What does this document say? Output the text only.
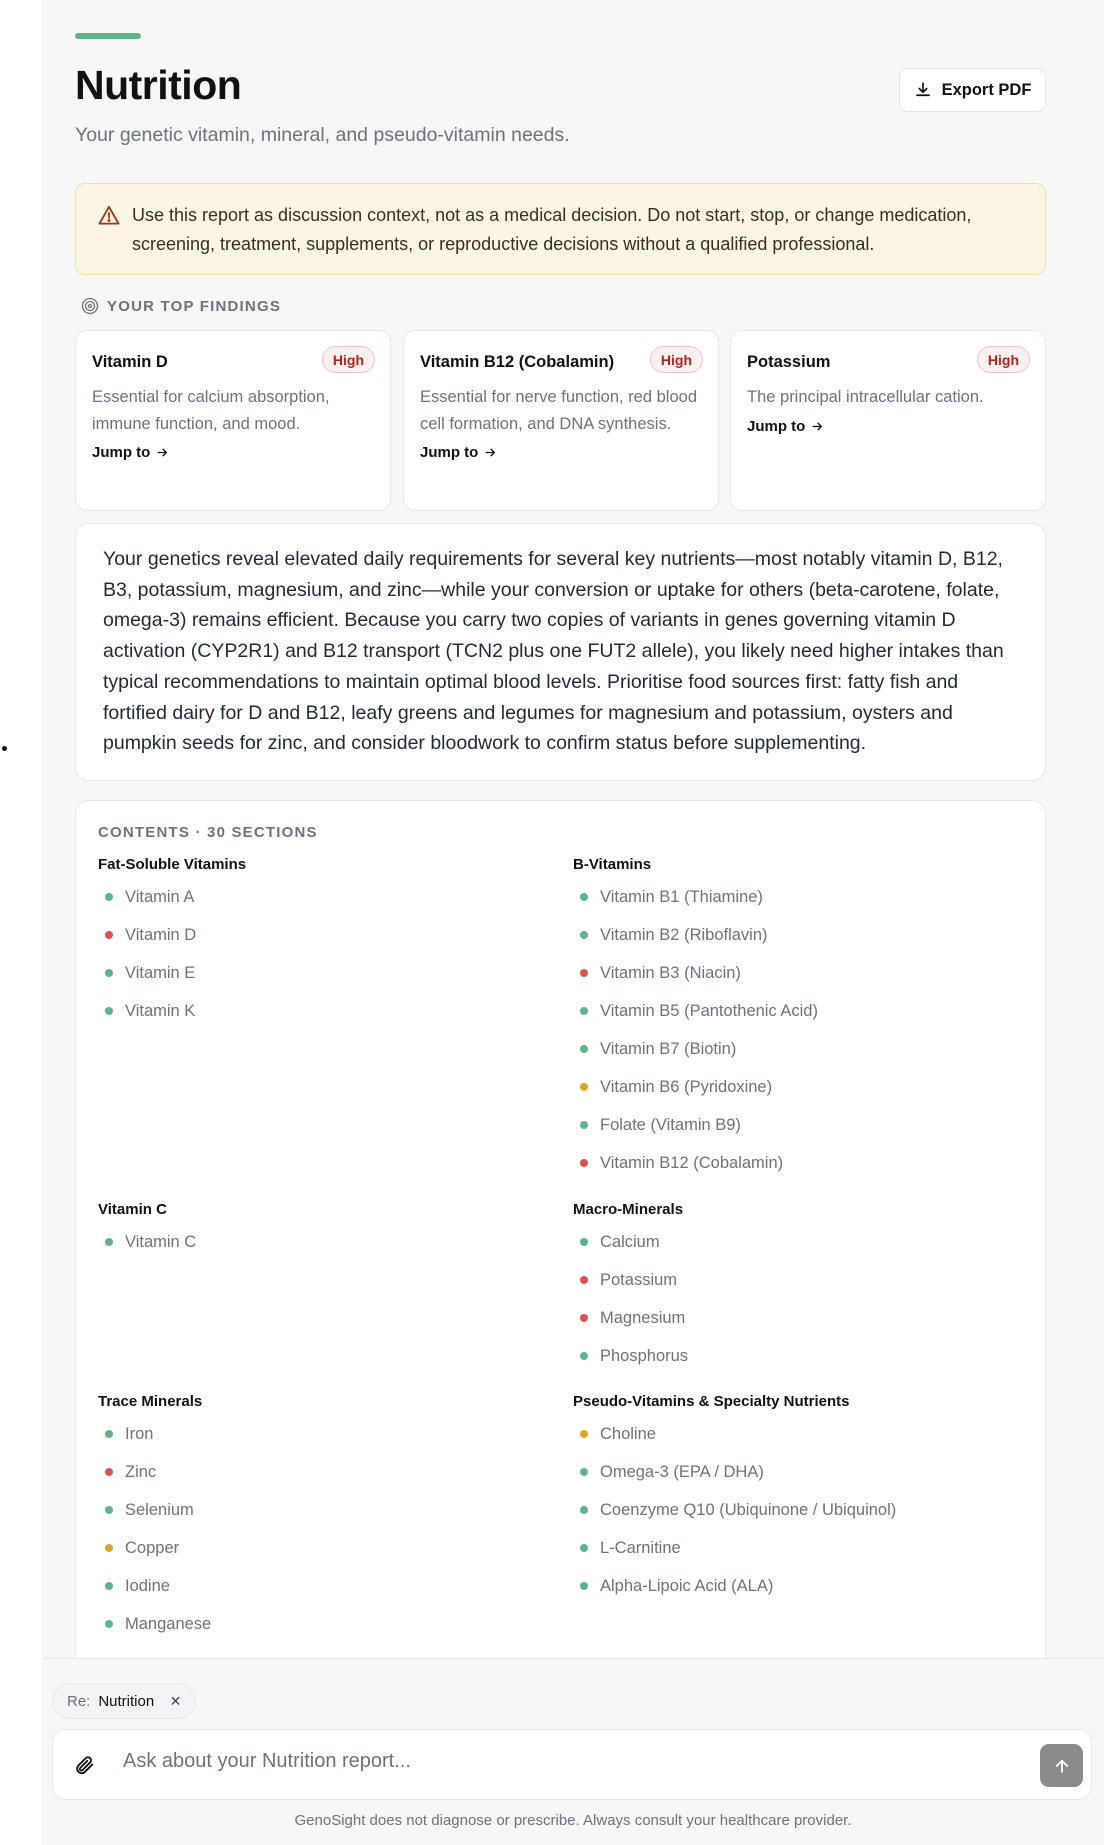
Nutrition

Your genetic vitamin, mineral, and pseudo-vitamin needs.

Export PDF
Use this report as discussion context, not as a medical decision. Do not start, stop, or change medication, screening, treatment, supplements, or reproductive decisions without a qualified professional.
YOUR TOP FINDINGS
Vitamin D	High
Essential for calcium absorption, immune function, and mood.
Jump to
Vitamin B12 (Cobalamin)	High
Essential for nerve function, red blood cell formation, and DNA synthesis.
Jump to
Potassium	High
The principal intracellular cation.
Jump to
Your genetics reveal elevated daily requirements for several key nutrients—most notably vitamin D, B12, B3, potassium, magnesium, and zinc—while your conversion or uptake for others (beta-carotene, folate, omega-3) remains efficient. Because you carry two copies of variants in genes governing vitamin D activation (CYP2R1) and B12 transport (TCN2 plus one FUT2 allele), you likely need higher intakes than typical recommendations to maintain optimal blood levels. Prioritise food sources first: fatty fish and fortified dairy for D and B12, leafy greens and legumes for magnesium and potassium, oysters and pumpkin seeds for zinc, and consider bloodwork to confirm status before supplementing.
CONTENTS · 30 SECTIONS
Fat-Soluble Vitamins
Vitamin A
Vitamin D
Vitamin E
Vitamin K
B-Vitamins
Vitamin B1 (Thiamine)
Vitamin B2 (Riboflavin)
Vitamin B3 (Niacin)
Vitamin B5 (Pantothenic Acid)
Vitamin B7 (Biotin)
Vitamin B6 (Pyridoxine)
Folate (Vitamin B9)
Vitamin B12 (Cobalamin)
Vitamin C
Vitamin C
Macro-Minerals
Calcium
Potassium
Magnesium
Phosphorus
Trace Minerals
Iron
Zinc
Selenium
Copper
Iodine
Manganese
Pseudo-Vitamins & Specialty Nutrients
Choline
Omega-3 (EPA / DHA)
Coenzyme Q10 (Ubiquinone / Ubiquinol)
L-Carnitine
Alpha-Lipoic Acid (ALA)
Re: Nutrition ×
Ask about your Nutrition report...
GenoSight does not diagnose or prescribe. Always consult your healthcare provider.
